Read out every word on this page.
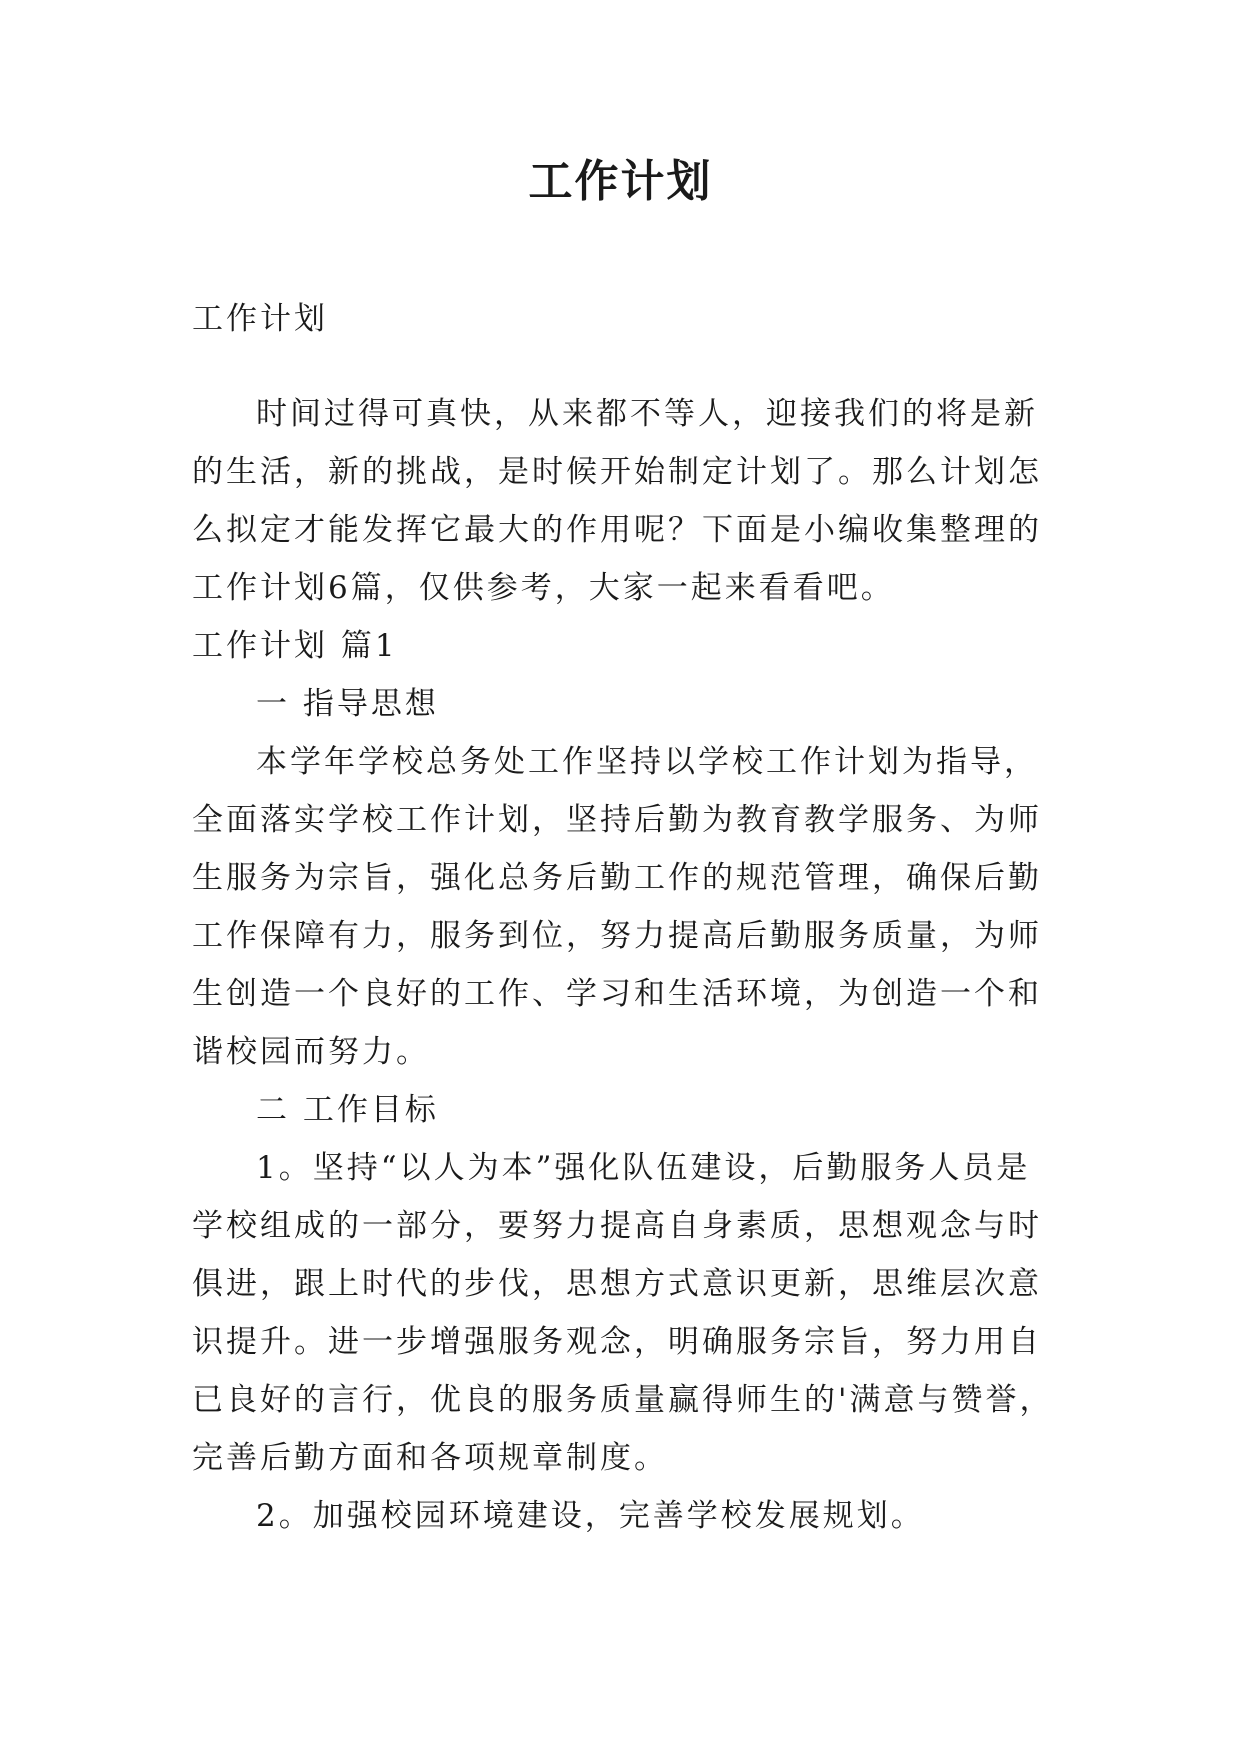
工作计划
工作计划

时间过得可真快，从来都不等人，迎接我们的将是新的生活，新的挑战，是时候开始制定计划了。那么计划怎么拟定才能发挥它最大的作用呢？下面是小编收集整理的工作计划6篇，仅供参考，大家一起来看看吧。

工作计划 篇1

一 指导思想

本学年学校总务处工作坚持以学校工作计划为指导，全面落实学校工作计划，坚持后勤为教育教学服务、为师生服务为宗旨，强化总务后勤工作的规范管理，确保后勤工作保障有力，服务到位，努力提高后勤服务质量，为师生创造一个良好的工作、学习和生活环境，为创造一个和谐校园而努力。

二 工作目标

1。坚持“以人为本”强化队伍建设，后勤服务人员是学校组成的一部分，要努力提高自身素质，思想观念与时俱进，跟上时代的步伐，思想方式意识更新，思维层次意识提升。进一步增强服务观念，明确服务宗旨，努力用自已良好的言行，优良的服务质量赢得师生的'满意与赞誉，完善后勤方面和各项规章制度。

2。加强校园环境建设，完善学校发展规划。
